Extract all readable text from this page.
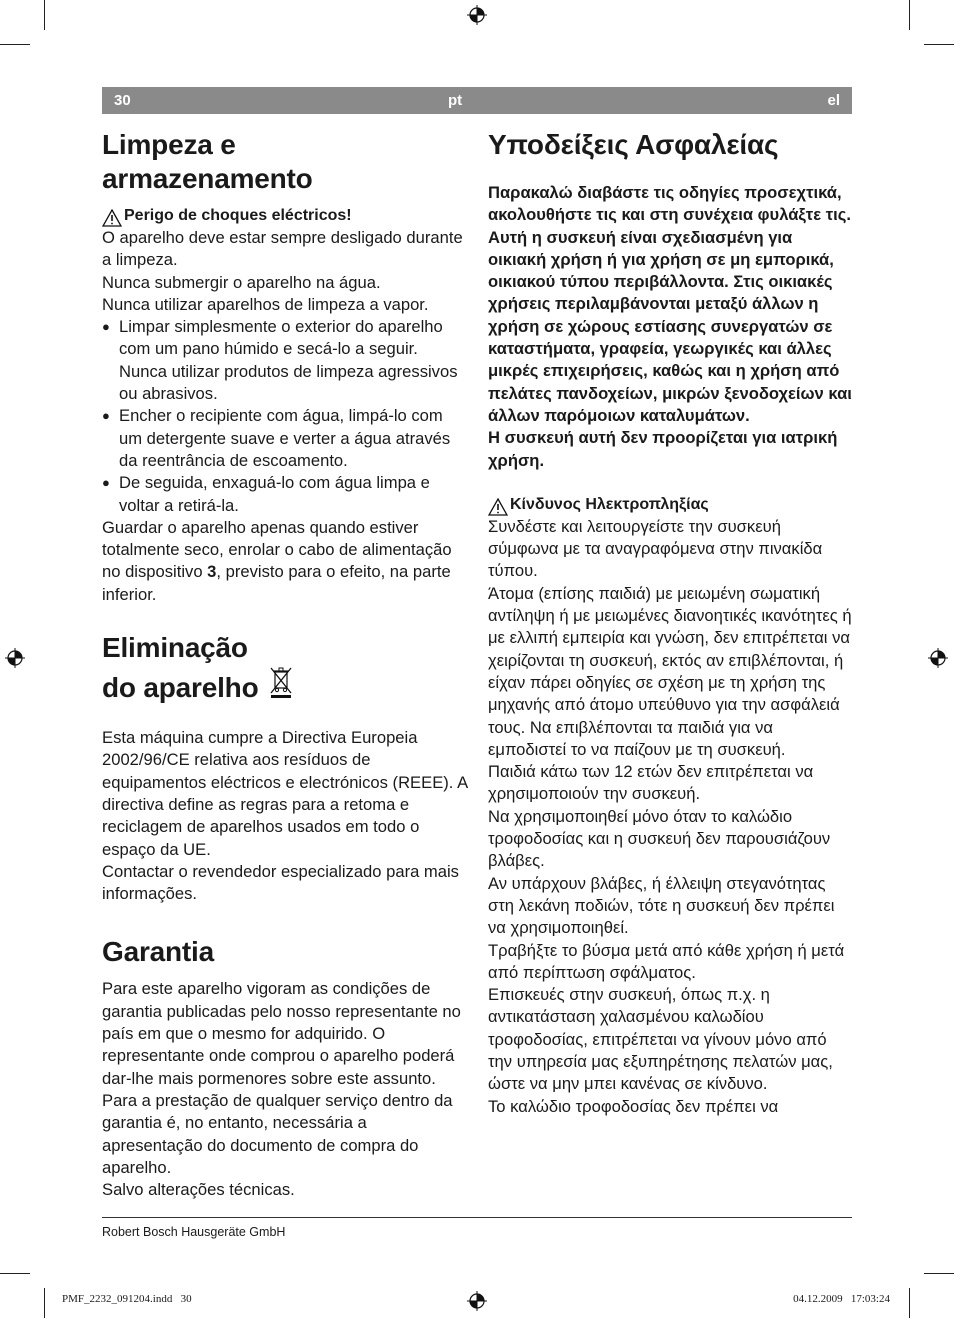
30	pt	el
Limpeza e armazenamento
Perigo de choques eléctricos!

O aparelho deve estar sempre desligado durante a limpeza.

Nunca submergir o aparelho na água.

Nunca utilizar aparelhos de limpeza a vapor.

● Limpar simplesmente o exterior do aparelho com um pano húmido e secá-lo a seguir. Nunca utilizar produtos de limpeza agressivos ou abrasivos.
● Encher o recipiente com água, limpá-lo com um detergente suave e verter a água através da reentrância de escoamento.
● De seguida, enxaguá-lo com água limpa e voltar a retirá-la.

Guardar o aparelho apenas quando estiver totalmente seco, enrolar o cabo de alimentação no dispositivo 3, previsto para o efeito, na parte inferior.

Eliminação
do aparelho

Esta máquina cumpre a Directiva Europeia 2002/96/CE relativa aos resíduos de equipamentos eléctricos e electrónicos (REEE). A directiva define as regras para a retoma e reciclagem de aparelhos usados em todo o espaço da UE.

Contactar o revendedor especializado para mais informações.

Garantia

Para este aparelho vigoram as condições de garantia publicadas pelo nosso representante no país em que o mesmo for adquirido. O representante onde comprou o aparelho poderá dar-lhe mais pormenores sobre este assunto. Para a prestação de qualquer serviço dentro da garantia é, no entanto, necessária a apresentação do documento de compra do aparelho.

Salvo alterações técnicas.

Υποδείξεις Ασφαλείας

Παρακαλώ διαβάστε τις οδηγίες προσεχτικά, ακολουθήστε τις και στη συνέχεια φυλάξτε τις.

Αυτή η συσκευή είναι σχεδιασμένη για οικιακή χρήση ή για χρήση σε μη εμπορικά, οικιακού τύπου περιβάλλοντα. Στις οικιακές χρήσεις περιλαμβάνονται μεταξύ άλλων η χρήση σε χώρους εστίασης συνεργατών σε καταστήματα, γραφεία, γεωργικές και άλλες μικρές επιχειρήσεις, καθώς και η χρήση από πελάτες πανδοχείων, μικρών ξενοδοχείων και άλλων παρόμοιων καταλυμάτων.

Η συσκευή αυτή δεν προορίζεται για ιατρική χρήση.

Κίνδυνος Ηλεκτροπληξίας

Συνδέστε και λειτουργείστε την συσκευή σύμφωνα με τα αναγραφόμενα στην πινακίδα τύπου.

Άτομα (επίσης παιδιά) με μειωμένη σωματική αντίληψη ή με μειωμένες διανοητικές ικανότητες ή με ελλιπή εμπειρία και γνώση, δεν επιτρέπεται να χειρίζονται τη συσκευή, εκτός αν επιβλέπονται, ή είχαν πάρει οδηγίες σε σχέση με τη χρήση της μηχανής από άτομο υπεύθυνο για την ασφάλειά τους. Να επιβλέπονται τα παιδιά για να εμποδιστεί το να παίζουν με τη συσκευή.

Παιδιά κάτω των 12 ετών δεν επιτρέπεται να χρησιμοποιούν την συσκευή.

Να χρησιμοποιηθεί μόνο όταν το καλώδιο τροφοδοσίας και η συσκευή δεν παρουσιάζουν βλάβες.

Αν υπάρχουν βλάβες, ή έλλειψη στεγανότητας στη λεκάνη ποδιών, τότε η συσκευή δεν πρέπει να χρησιμοποιηθεί.

Τραβήξτε το βύσμα μετά από κάθε χρήση ή μετά από περίπτωση σφάλματος.

Επισκευές στην συσκευή, όπως π.χ. η αντικατάσταση χαλασμένου καλωδίου τροφοδοσίας, επιτρέπεται να γίνουν μόνο από την υπηρεσία μας εξυπηρέτησης πελατών μας, ώστε να μην μπει κανένας σε κίνδυνο.

Το καλώδιο τροφοδοσίας δεν πρέπει να

Robert Bosch Hausgeräte GmbH
PMF_2232_091204.indd   30	04.12.2009   17:03:24
